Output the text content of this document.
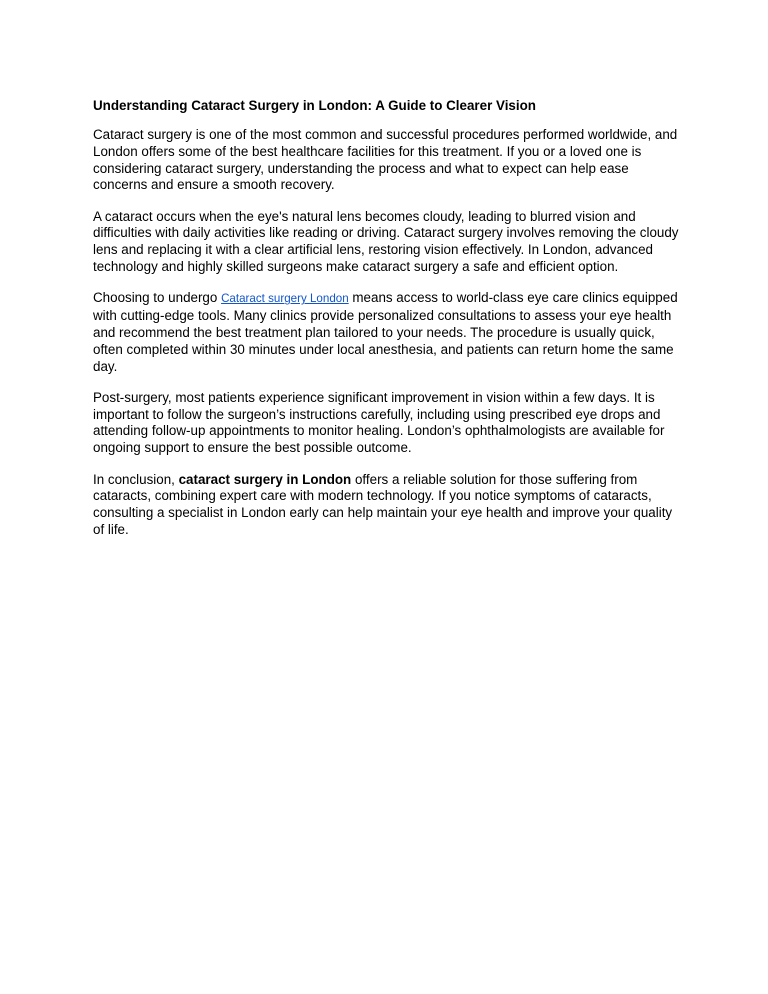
Understanding Cataract Surgery in London: A Guide to Clearer Vision

Cataract surgery is one of the most common and successful procedures performed worldwide, and London offers some of the best healthcare facilities for this treatment. If you or a loved one is considering cataract surgery, understanding the process and what to expect can help ease concerns and ensure a smooth recovery.

A cataract occurs when the eye's natural lens becomes cloudy, leading to blurred vision and difficulties with daily activities like reading or driving. Cataract surgery involves removing the cloudy lens and replacing it with a clear artificial lens, restoring vision effectively. In London, advanced technology and highly skilled surgeons make cataract surgery a safe and efficient option.

Choosing to undergo Cataract surgery London means access to world-class eye care clinics equipped with cutting-edge tools. Many clinics provide personalized consultations to assess your eye health and recommend the best treatment plan tailored to your needs. The procedure is usually quick, often completed within 30 minutes under local anesthesia, and patients can return home the same day.

Post-surgery, most patients experience significant improvement in vision within a few days. It is important to follow the surgeon’s instructions carefully, including using prescribed eye drops and attending follow-up appointments to monitor healing. London’s ophthalmologists are available for ongoing support to ensure the best possible outcome.

In conclusion, cataract surgery in London offers a reliable solution for those suffering from cataracts, combining expert care with modern technology. If you notice symptoms of cataracts, consulting a specialist in London early can help maintain your eye health and improve your quality of life.
